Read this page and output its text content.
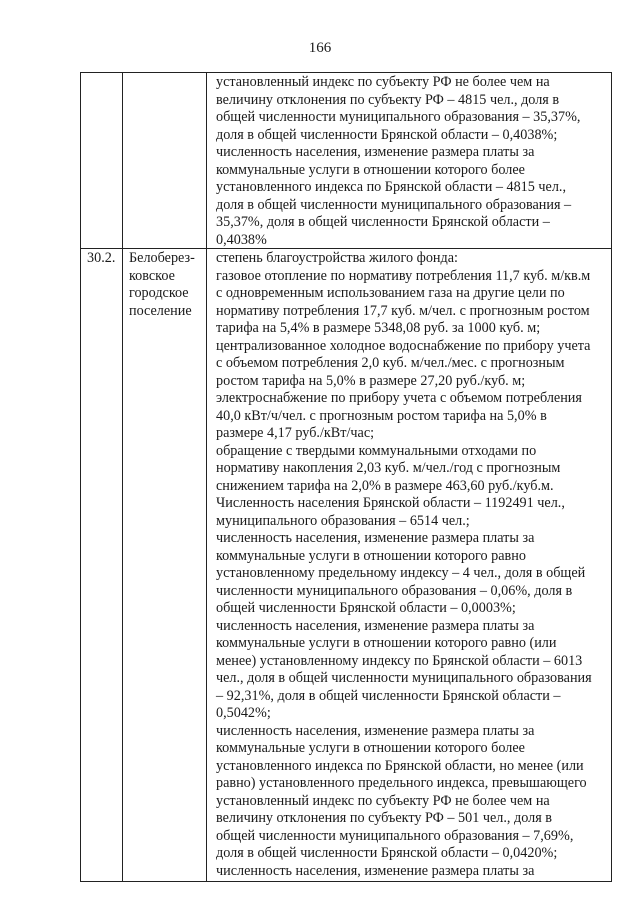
166
установленный индекс по субъекту РФ не более чем на
величину отклонения по субъекту РФ – 4815 чел., доля в
общей численности муниципального образования – 35,37%,
доля в общей численности Брянской области – 0,4038%;
численность населения, изменение размера платы за
коммунальные услуги в отношении которого более
установленного индекса по Брянской области – 4815 чел.,
доля в общей численности муниципального образования –
35,37%, доля в общей численности Брянской области –
0,4038%
30.2. Белоберез-
ковское
городское
поселение
степень благоустройства жилого фонда:
газовое отопление по нормативу потребления 11,7 куб. м/кв.м
с одновременным использованием газа на другие цели по
нормативу потребления 17,7 куб. м/чел. с прогнозным ростом
тарифа на 5,4% в размере 5348,08 руб. за 1000 куб. м;
централизованное холодное водоснабжение по прибору учета
с объемом потребления 2,0 куб. м/чел./мес. с прогнозным
ростом тарифа на 5,0% в размере 27,20 руб./куб. м;
электроснабжение по прибору учета с объемом потребления
40,0 кВт/ч/чел. с прогнозным ростом тарифа на 5,0% в
размере 4,17 руб./кВт/час;
обращение с твердыми коммунальными отходами по
нормативу накопления 2,03 куб. м/чел./год с прогнозным
снижением тарифа на 2,0% в размере 463,60 руб./куб.м.
Численность населения Брянской области – 1192491 чел.,
муниципального образования – 6514 чел.;
численность населения, изменение размера платы за
коммунальные услуги в отношении которого равно
установленному предельному индексу – 4 чел., доля в общей
численности муниципального образования – 0,06%, доля в
общей численности Брянской области – 0,0003%;
численность населения, изменение размера платы за
коммунальные услуги в отношении которого равно (или
менее) установленному индексу по Брянской области – 6013
чел., доля в общей численности муниципального образования
– 92,31%, доля в общей численности Брянской области –
0,5042%;
численность населения, изменение размера платы за
коммунальные услуги в отношении которого более
установленного индекса по Брянской области, но менее (или
равно) установленного предельного индекса, превышающего
установленный индекс по субъекту РФ не более чем на
величину отклонения по субъекту РФ – 501 чел., доля в
общей численности муниципального образования – 7,69%,
доля в общей численности Брянской области – 0,0420%;
численность населения, изменение размера платы за
